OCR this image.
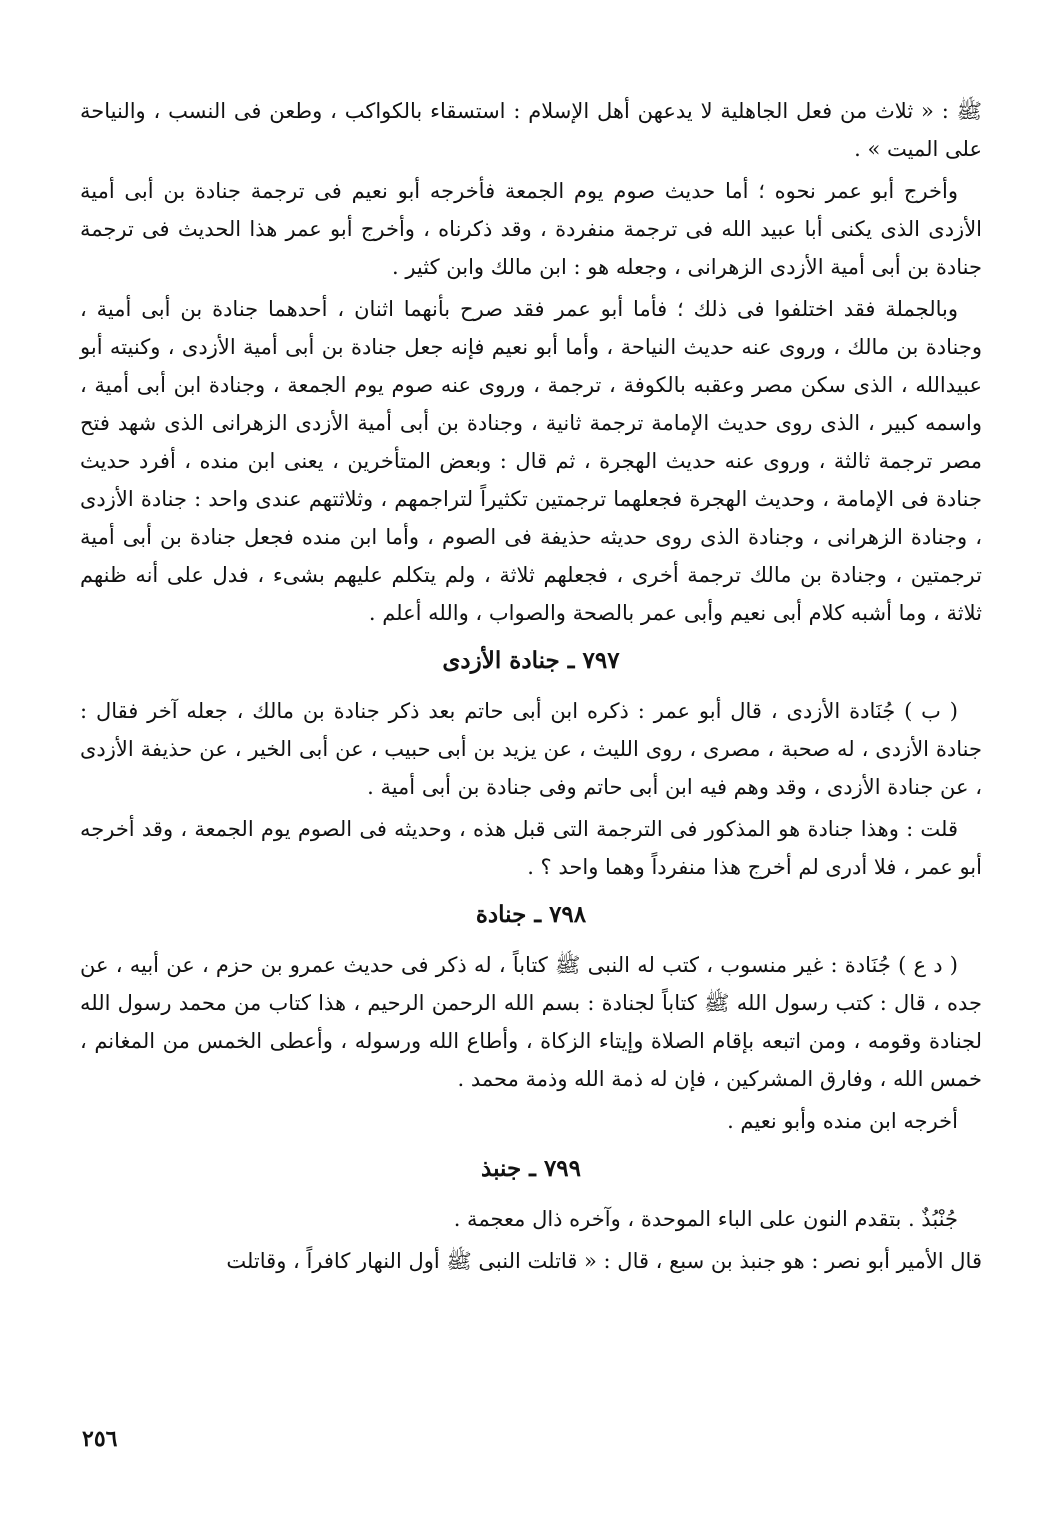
ﷺ : « ثلاث من فعل الجاهلية لا يدعهن أهل الإسلام : استسقاء بالكواكب ، وطعن فى النسب ، والنياحة على الميت » .

وأخرج أبو عمر نحوه ؛ أما حديث صوم يوم الجمعة فأخرجه أبو نعيم فى ترجمة جنادة بن أبى أمية الأزدى الذى يكنى أبا عبيد الله فى ترجمة منفردة ، وقد ذكرناه ، وأخرج أبو عمر هذا الحديث فى ترجمة جنادة بن أبى أمية الأزدى الزهرانى ، وجعله هو : ابن مالك وابن كثير .

وبالجملة فقد اختلفوا فى ذلك ؛ فأما أبو عمر فقد صرح بأنهما اثنان ، أحدهما جنادة بن أبى أمية ، وجنادة بن مالك ، وروى عنه حديث النياحة ، وأما أبو نعيم فإنه جعل جنادة بن أبى أمية الأزدى ، وكنيته أبو عبيدالله ، الذى سكن مصر وعقبه بالكوفة ، ترجمة ، وروى عنه صوم يوم الجمعة ، وجنادة ابن أبى أمية ، واسمه كبير ، الذى روى حديث الإمامة ترجمة ثانية ، وجنادة بن أبى أمية الأزدى الزهرانى الذى شهد فتح مصر ترجمة ثالثة ، وروى عنه حديث الهجرة ، ثم قال : وبعض المتأخرين ، يعنى ابن منده ، أفرد حديث جنادة فى الإمامة ، وحديث الهجرة فجعلهما ترجمتين تكثيراً لتراجمهم ، وثلاثتهم عندى واحد : جنادة الأزدى ، وجنادة الزهرانى ، وجنادة الذى روى حديثه حذيفة فى الصوم ، وأما ابن منده فجعل جنادة بن أبى أمية ترجمتين ، وجنادة بن مالك ترجمة أخرى ، فجعلهم ثلاثة ، ولم يتكلم عليهم بشىء ، فدل على أنه ظنهم ثلاثة ، وما أشبه كلام أبى نعيم وأبى عمر بالصحة والصواب ، والله أعلم .

٧٩٧ ـ جنادة الأزدى

( ب ) جُنَادة الأزدى ، قال أبو عمر : ذكره ابن أبى حاتم بعد ذكر جنادة بن مالك ، جعله آخر فقال : جنادة الأزدى ، له صحبة ، مصرى ، روى الليث ، عن يزيد بن أبى حبيب ، عن أبى الخير ، عن حذيفة الأزدى ، عن جنادة الأزدى ، وقد وهم فيه ابن أبى حاتم وفى جنادة بن أبى أمية .

قلت : وهذا جنادة هو المذكور فى الترجمة التى قبل هذه ، وحديثه فى الصوم يوم الجمعة ، وقد أخرجه أبو عمر ، فلا أدرى لم أخرج هذا منفرداً وهما واحد ؟ .

٧٩٨ ـ جنادة

( د ع ) جُنَادة : غير منسوب ، كتب له النبى ﷺ كتاباً ، له ذكر فى حديث عمرو بن حزم ، عن أبيه ، عن جده ، قال : كتب رسول الله ﷺ كتاباً لجنادة : بسم الله الرحمن الرحيم ، هذا كتاب من محمد رسول الله لجنادة وقومه ، ومن اتبعه بإقام الصلاة وإيتاء الزكاة ، وأطاع الله ورسوله ، وأعطى الخمس من المغانم ، خمس الله ، وفارق المشركين ، فإن له ذمة الله وذمة محمد .

أخرجه ابن منده وأبو نعيم .

٧٩٩ ـ جنبذ

جُنْبُذٌ . بتقدم النون على الباء الموحدة ، وآخره ذال معجمة .

قال الأمير أبو نصر : هو جنبذ بن سبع ، قال : « قاتلت النبى ﷺ أول النهار كافراً ، وقاتلت

٢٥٦
